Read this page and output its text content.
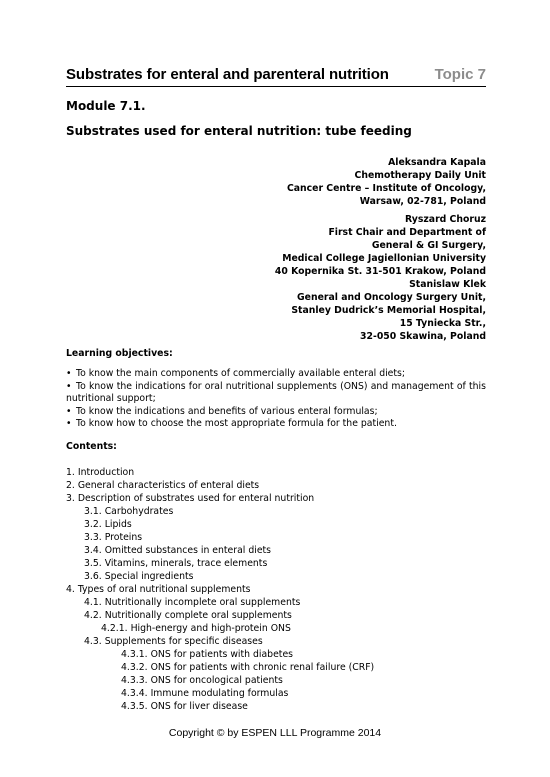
Substrates for enteral and parenteral nutrition	Topic 7
Module 7.1.
Substrates used for enteral nutrition: tube feeding
Aleksandra Kapala
Chemotherapy Daily Unit
Cancer Centre – Institute of Oncology,
Warsaw, 02-781, Poland
Ryszard Choruz
First Chair and Department of
General & GI Surgery,
Medical College Jagiellonian University
40 Kopernika St. 31-501 Krakow, Poland
Stanislaw Klek
General and Oncology Surgery Unit,
Stanley Dudrick’s Memorial Hospital,
15 Tyniecka Str.,
32-050 Skawina, Poland
Learning objectives:
• To know the main components of commercially available enteral diets;
• To know the indications for oral nutritional supplements (ONS) and management of this nutritional support;
• To know the indications and benefits of various enteral formulas;
• To know how to choose the most appropriate formula for the patient.
Contents:
1. Introduction
2. General characteristics of enteral diets
3. Description of substrates used for enteral nutrition
3.1. Carbohydrates
3.2. Lipids
3.3. Proteins
3.4. Omitted substances in enteral diets
3.5. Vitamins, minerals, trace elements
3.6. Special ingredients
4. Types of oral nutritional supplements
4.1. Nutritionally incomplete oral supplements
4.2. Nutritionally complete oral supplements
4.2.1. High-energy and high-protein ONS
4.3. Supplements for specific diseases
4.3.1. ONS for patients with diabetes
4.3.2. ONS for patients with chronic renal failure (CRF)
4.3.3. ONS for oncological patients
4.3.4. Immune modulating formulas
4.3.5. ONS for liver disease
Copyright © by ESPEN LLL Programme 2014
